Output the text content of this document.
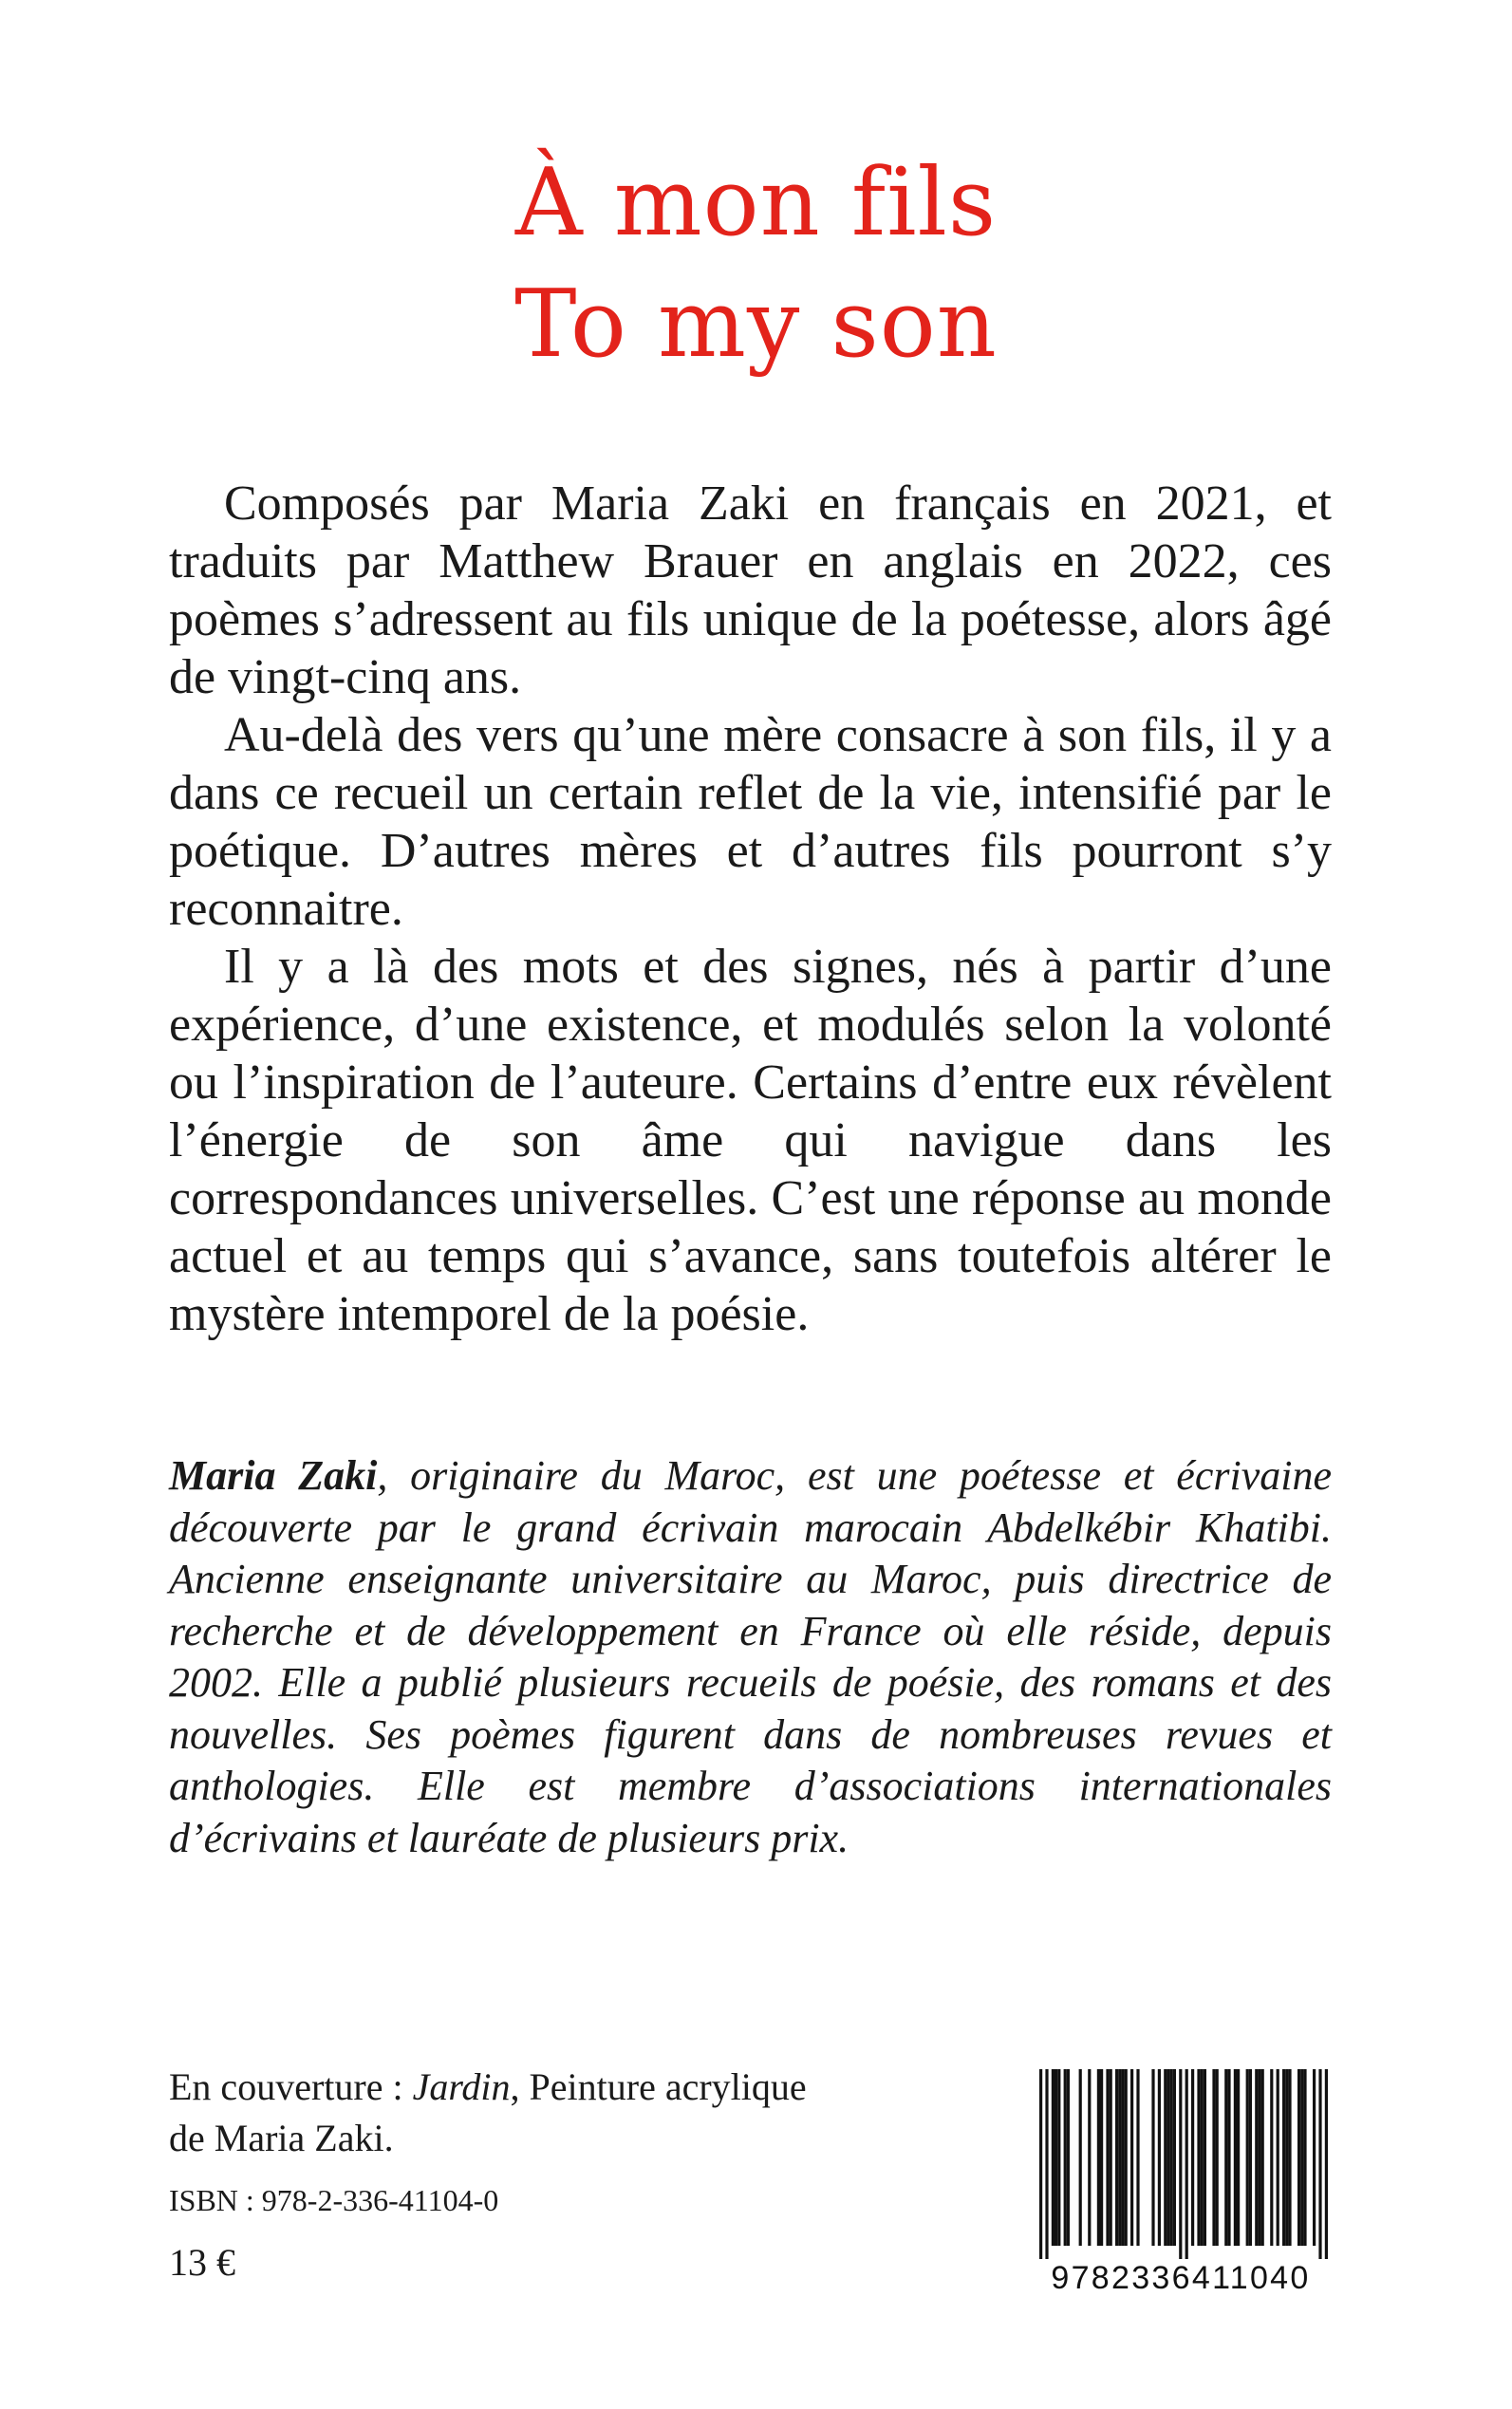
À mon fils
To my son

Composés par Maria Zaki en français en 2021, et traduits par Matthew Brauer en anglais en 2022, ces poèmes s’adressent au fils unique de la poétesse, alors âgé de vingt-cinq ans.

Au-delà des vers qu’une mère consacre à son fils, il y a dans ce recueil un certain reflet de la vie, intensifié par le poétique. D’autres mères et d’autres fils pourront s’y reconnaitre.

Il y a là des mots et des signes, nés à partir d’une expérience, d’une existence, et modulés selon la volonté ou l’inspiration de l’auteure. Certains d’entre eux révèlent l’énergie de son âme qui navigue dans les correspondances universelles. C’est une réponse au monde actuel et au temps qui s’avance, sans toutefois altérer le mystère intemporel de la poésie.

Maria Zaki, originaire du Maroc, est une poétesse et écrivaine découverte par le grand écrivain marocain Abdelkébir Khatibi. Ancienne enseignante universitaire au Maroc, puis directrice de recherche et de développement en France où elle réside, depuis 2002. Elle a publié plusieurs recueils de poésie, des romans et des nouvelles. Ses poèmes figurent dans de nombreuses revues et anthologies. Elle est membre d’associations internationales d’écrivains et lauréate de plusieurs prix.

En couverture : Jardin, Peinture acrylique

de Maria Zaki.

ISBN : 978-2-336-41104-0
13 €	9782336411040
